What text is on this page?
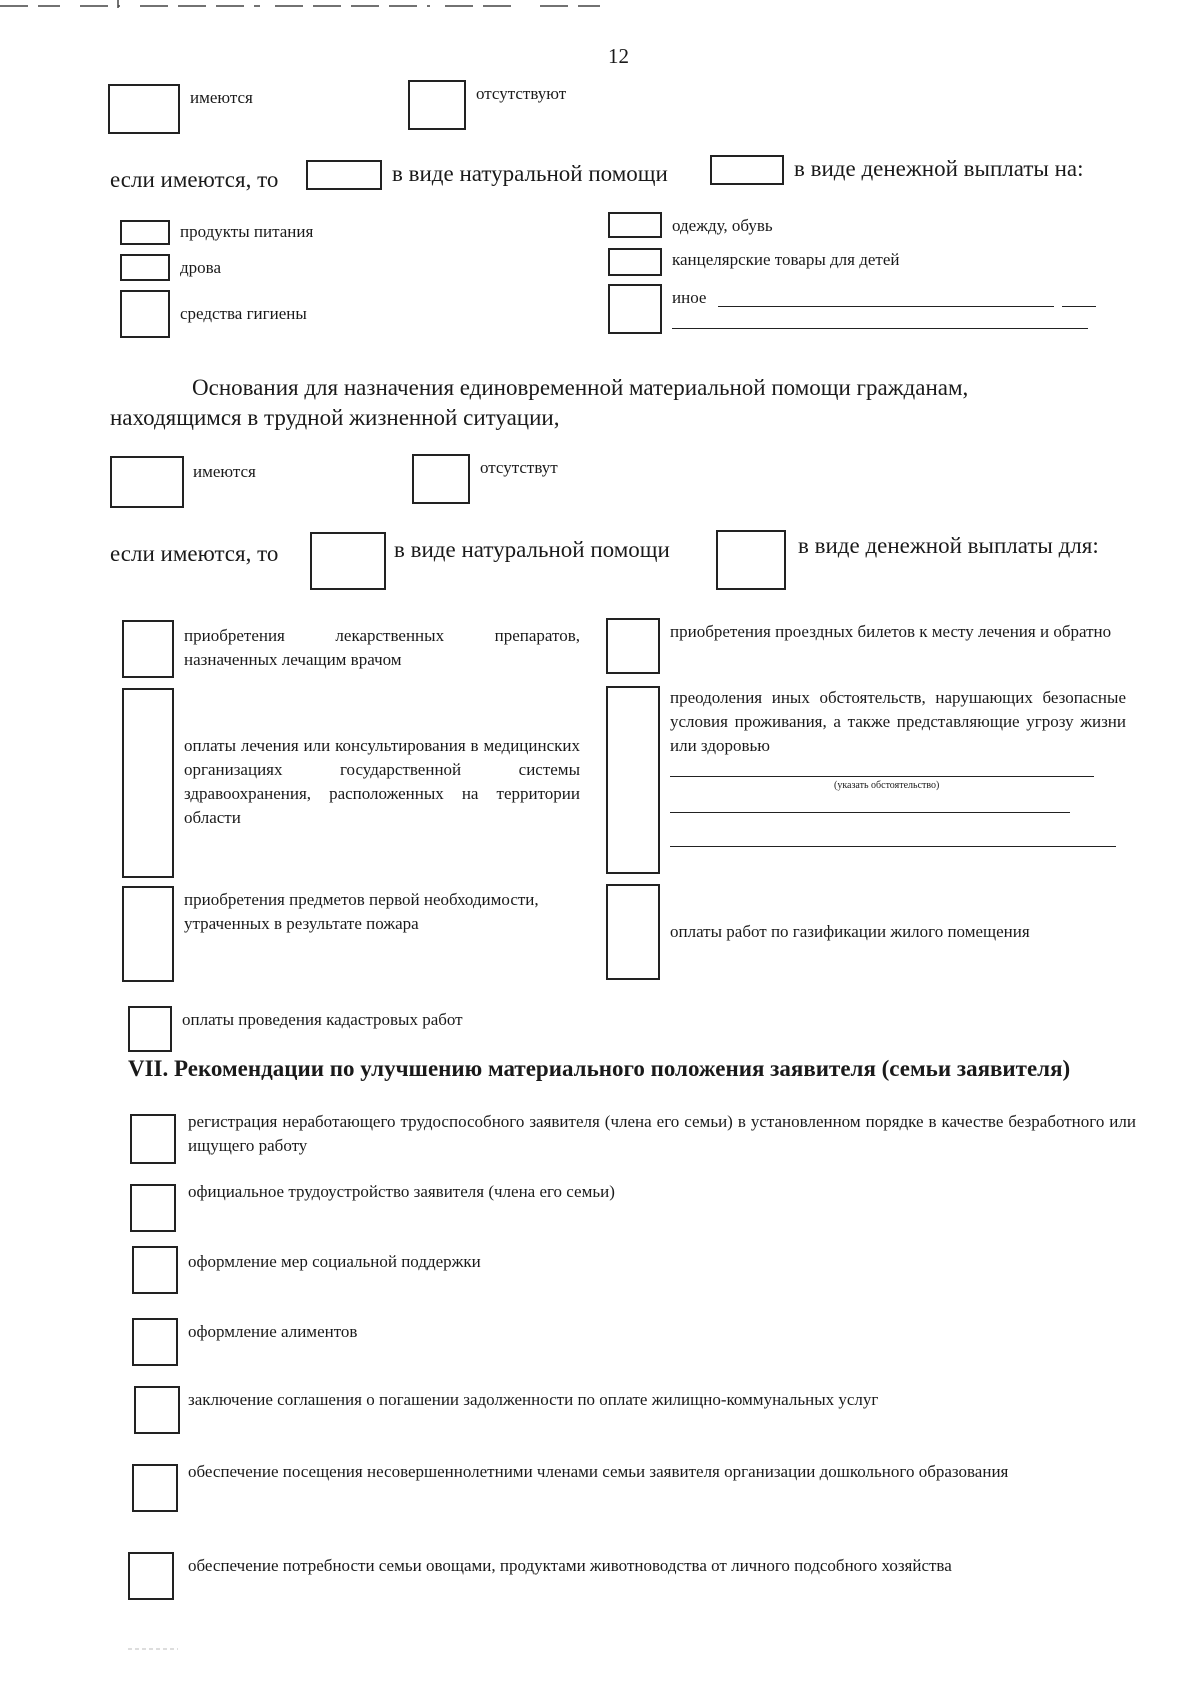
12
имеются	отсутствуют
если имеются, то	в виде натуральной помощи	в виде денежной выплаты на:
продукты питания
дрова
средства гигиены
одежду, обувь
канцелярские товары для детей
иное
Основания для назначения единовременной материальной помощи гражданам,
находящимся в трудной жизненной ситуации,
имеются	отсутствут
если имеются, то	в виде натуральной помощи	в виде денежной выплаты для:
приобретения лекарственных препаратов, назначенных лечащим врачом
оплаты лечения или консультирования в медицинских организациях государственной системы здравоохранения, расположенных на территории области
приобретения предметов первой необходимости, утраченных в результате пожара
оплаты проведения кадастровых работ
приобретения проездных билетов к месту лечения и обратно
преодоления иных обстоятельств, нарушающих безопасные условия проживания, а также представляющие угрозу жизни или здоровью
(указать обстоятельство)
оплаты работ по газификации жилого помещения
VII. Рекомендации по улучшению материального положения заявителя (семьи заявителя)
регистрация неработающего трудоспособного заявителя (члена его семьи) в установленном порядке в качестве безработного или ищущего работу
официальное трудоустройство заявителя (члена его семьи)
оформление мер социальной поддержки
оформление алиментов
заключение соглашения о погашении задолженности по оплате жилищно-коммунальных услуг
обеспечение посещения несовершеннолетними членами семьи заявителя организации дошкольного образования
обеспечение потребности семьи овощами, продуктами животноводства от личного подсобного хозяйства
